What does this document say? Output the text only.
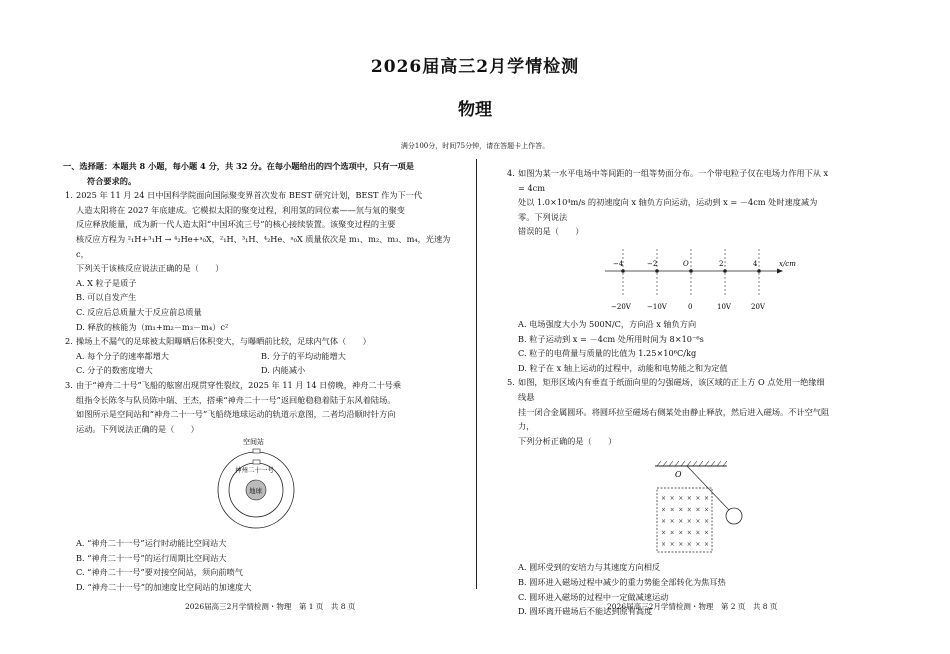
2026届高三2月学情检测
物理
满分100分，时间75分钟，请在答题卡上作答。
一、选择题：本题共 8 小题，每小题 4 分，共 32 分。在每小题给出的四个选项中，只有一项是
符合要求的。
1. 2025 年 11 月 24 日中国科学院面向国际聚变界首次发布 BEST 研究计划，BEST 作为下一代
人造太阳将在 2027 年底建成。它模拟太阳的聚变过程，利用氢的同位素——氘与氚的聚变
反应释放能量，成为新一代人造太阳“中国环流三号”的核心接续装置。该聚变过程的主要
核反应方程为 ²₁H+³₁H → ⁴₂He+ᵃ₀X，²₁H、³₁H、⁴₂He、ᵃ₀X 质量依次是 m₁、m₂、m₃、m₄，光速为 c，
下列关于该核反应说法正确的是（　　）
A. X 粒子是质子
B. 可以自发产生
C. 反应后总质量大于反应前总质量
D. 释放的核能为（m₁+m₂－m₃－m₄）c²
2. 操场上不漏气的足球被太阳曝晒后体积变大，与曝晒前比较，足球内气体（　　）
A. 每个分子的速率都增大	B. 分子的平均动能增大
C. 分子的数密度增大	D. 内能减小
3. 由于“神舟二十号”飞船的舷窗出现贯穿性裂纹，2025 年 11 月 14 日傍晚，神舟二十号乘
组指令长陈冬与队员陈中瑞、王杰，搭乘“神舟二十一号”返回舱稳稳着陆于东风着陆场。
如图所示是空间站和“神舟二十一号”飞船绕地球运动的轨道示意图，二者均沿顺时针方向
运动。下列说法正确的是（　　）
空间站
神州二十一号
地球
A. “神舟二十一号”运行时动能比空间站大
B. “神舟二十一号”的运行周期比空间站大
C. “神舟二十一号”要对接空间站，须向前喷气
D. “神舟二十一号”的加速度比空间站的加速度大
4. 如图为某一水平电场中等间距的一组等势面分布。一个带电粒子仅在电场力作用下从 x = 4cm
处以 1.0×10⁴m/s 的初速度向 x 轴负方向运动，运动到 x = －4cm 处时速度减为零。下列说法
错误的是（　　）
−4	−2	O	2	4	x/cm
−20V −10V	0	10V	20V
A. 电场强度大小为 500N/C，方向沿 x 轴负方向
B. 粒子运动到 x = －4cm 处所用时间为 8×10⁻⁶s
C. 粒子的电荷量与质量的比值为 1.25×10⁶C/kg
D. 粒子在 x 轴上运动的过程中，动能和电势能之和为定值
5. 如图，矩形区域内有垂直于纸面向里的匀强磁场，该区域的正上方 O 点处用一绝缘细线悬
挂一闭合金属圆环。将圆环拉至磁场右侧某处由静止释放，然后进入磁场。不计空气阻力，
下列分析正确的是（　　）
O
× × × × × ×
× × × × × ×
× × × × × ×
× × × × × ×
× × × × × ×
A. 圆环受到的安培力与其速度方向相反
B. 圆环进入磁场过程中减少的重力势能全部转化为焦耳热
C. 圆环进入磁场的过程中一定做减速运动
D. 圆环离开磁场后不能达到原有高度
2026届高三2月学情检测・物理　第 1 页　共 8 页	2026届高三2月学情检测・物理　第 2 页　共 8 页
